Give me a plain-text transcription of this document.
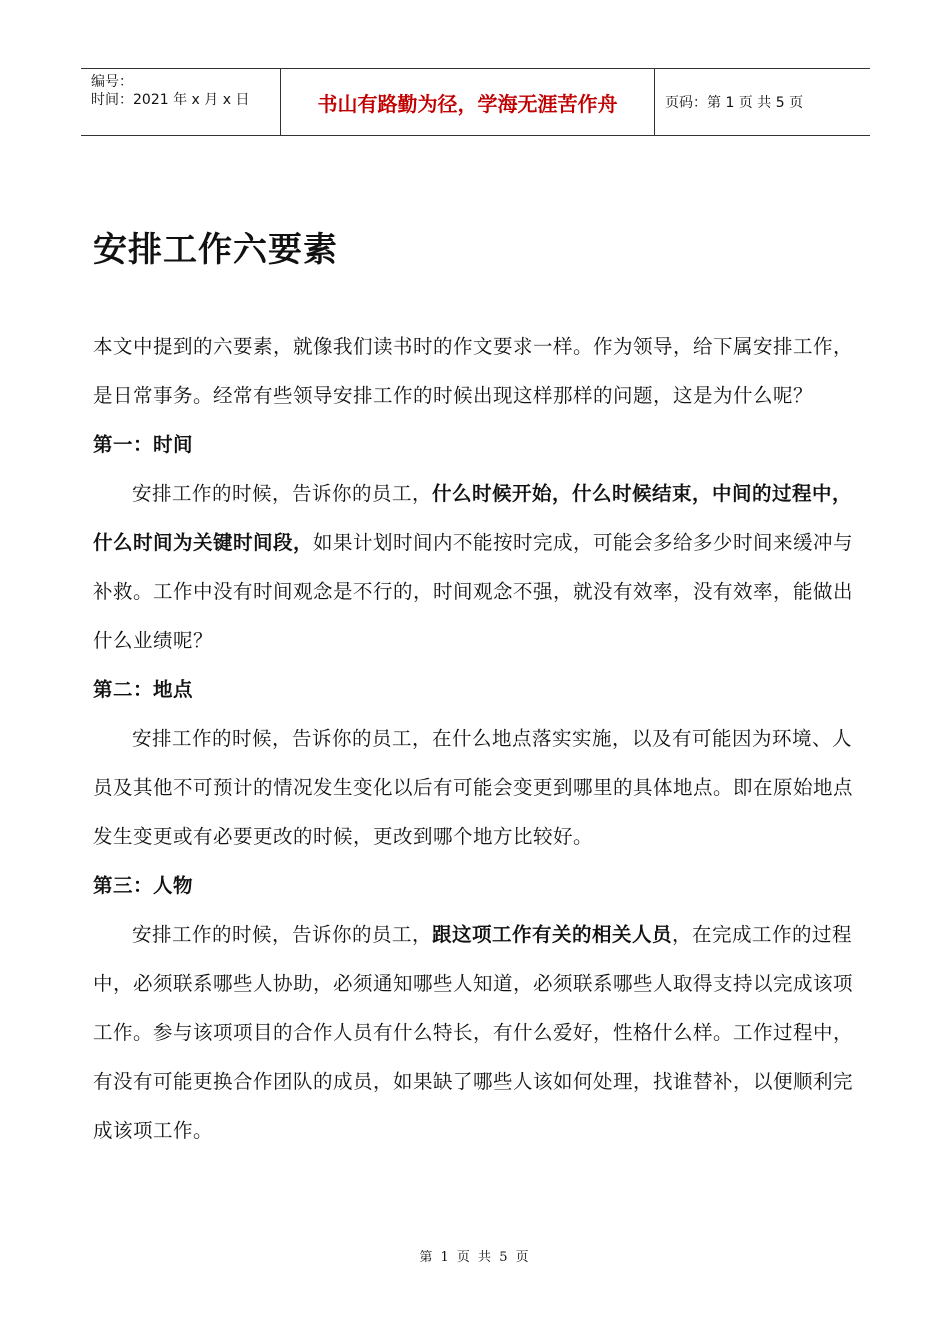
编号：
时间：2021 年 x 月 x 日	书山有路勤为径，学海无涯苦作舟	页码：第 1 页 共 5 页
安排工作六要素

本文中提到的六要素，就像我们读书时的作文要求一样。作为领导，给下属安排工作，是日常事务。经常有些领导安排工作的时候出现这样那样的问题，这是为什么呢？

第一：时间

安排工作的时候，告诉你的员工，什么时候开始，什么时候结束，中间的过程中，什么时间为关键时间段，如果计划时间内不能按时完成，可能会多给多少时间来缓冲与补救。工作中没有时间观念是不行的，时间观念不强，就没有效率，没有效率，能做出什么业绩呢？

第二：地点

安排工作的时候，告诉你的员工，在什么地点落实实施，以及有可能因为环境、人员及其他不可预计的情况发生变化以后有可能会变更到哪里的具体地点。即在原始地点发生变更或有必要更改的时候，更改到哪个地方比较好。

第三：人物

安排工作的时候，告诉你的员工，跟这项工作有关的相关人员，在完成工作的过程中，必须联系哪些人协助，必须通知哪些人知道，必须联系哪些人取得支持以完成该项工作。参与该项项目的合作人员有什么特长，有什么爱好，性格什么样。工作过程中，有没有可能更换合作团队的成员，如果缺了哪些人该如何处理，找谁替补，以便顺利完成该项工作。

第 1 页 共 5 页
